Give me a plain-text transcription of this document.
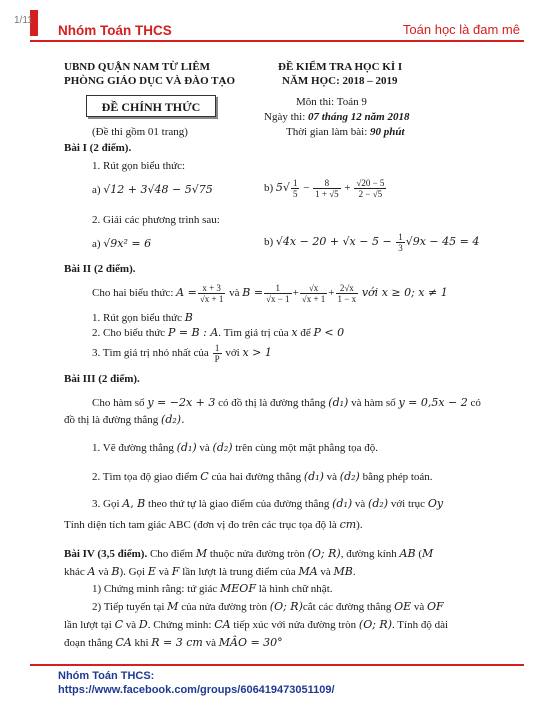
1/11
Nhóm Toán THCS	Toán học là đam mê
UBND QUẬN NAM TỪ LIÊM
PHÒNG GIÁO DỤC VÀ ĐÀO TẠO
ĐỀ CHÍNH THỨC
(Đề thi gồm 01 trang)
ĐỀ KIỂM TRA HỌC KÌ I
NĂM HỌC: 2018 – 2019
Môn thi: Toán 9
Ngày thi: 07 tháng 12 năm 2018
Thời gian làm bài: 90 phút
Bài I (2 điểm).
1. Rút gọn biểu thức:
a) √12 + 3√48 − 5√75	b) $5√ \frac{1}{5} - \frac{8}{1 + √5} + \frac{√20 - 5}{2 - √5}$
2. Giải các phương trình sau:
a) √9x² = 6	b) $√4x - 20 + √x - 5 - \frac{1}{3} √9x - 45 = 4$
Bài II (2 điểm).
Cho hai biểu thức: $A = \frac{x + 3}{√x + 1}$ và $B = \frac{1}{√x - 1} + \frac{√x}{√x + 1} + \frac{2√x}{1 - x}$ với x ≥ 0; x ≠ 1
1. Rút gọn biểu thức B
2. Cho biểu thức P = B : A. Tìm giá trị của x để P < 0
3. Tìm giá trị nhỏ nhất của $\frac{1}{P}$ với x > 1
Bài III (2 điểm).
Cho hàm số y = −2x + 3 có đồ thị là đường thẳng (d₁) và hàm số y = 0,5x − 2 có
đồ thị là đường thẳng (d₂).
1. Vẽ đường thẳng (d₁) và (d₂) trên cùng một mặt phẳng tọa độ.
2. Tìm tọa độ giao điểm C của hai đường thẳng (d₁) và (d₂) bằng phép toán.
3. Gọi A, B theo thứ tự là giao điểm của đường thẳng (d₁) và (d₂) với trục Oy
Tính diện tích tam giác ABC (đơn vị đo trên các trục tọa độ là cm).
Bài IV (3,5 điểm). Cho điểm M thuộc nửa đường tròn (O; R), đường kính AB (M
khác A và B). Gọi E và F lần lượt là trung điểm của MA và MB.
1) Chứng minh rằng: tứ giác MEOF là hình chữ nhật.
2) Tiếp tuyến tại M của nửa đường tròn (O; R)cắt các đường thẳng OE và OF
lần lượt tại C và D. Chứng minh: CA tiếp xúc với nửa đường tròn (O; R). Tính độ dài
đoạn thẳng CA khi R = 3 cm và MÂO = 30°
Nhóm Toán THCS:
https://www.facebook.com/groups/606419473051109/
